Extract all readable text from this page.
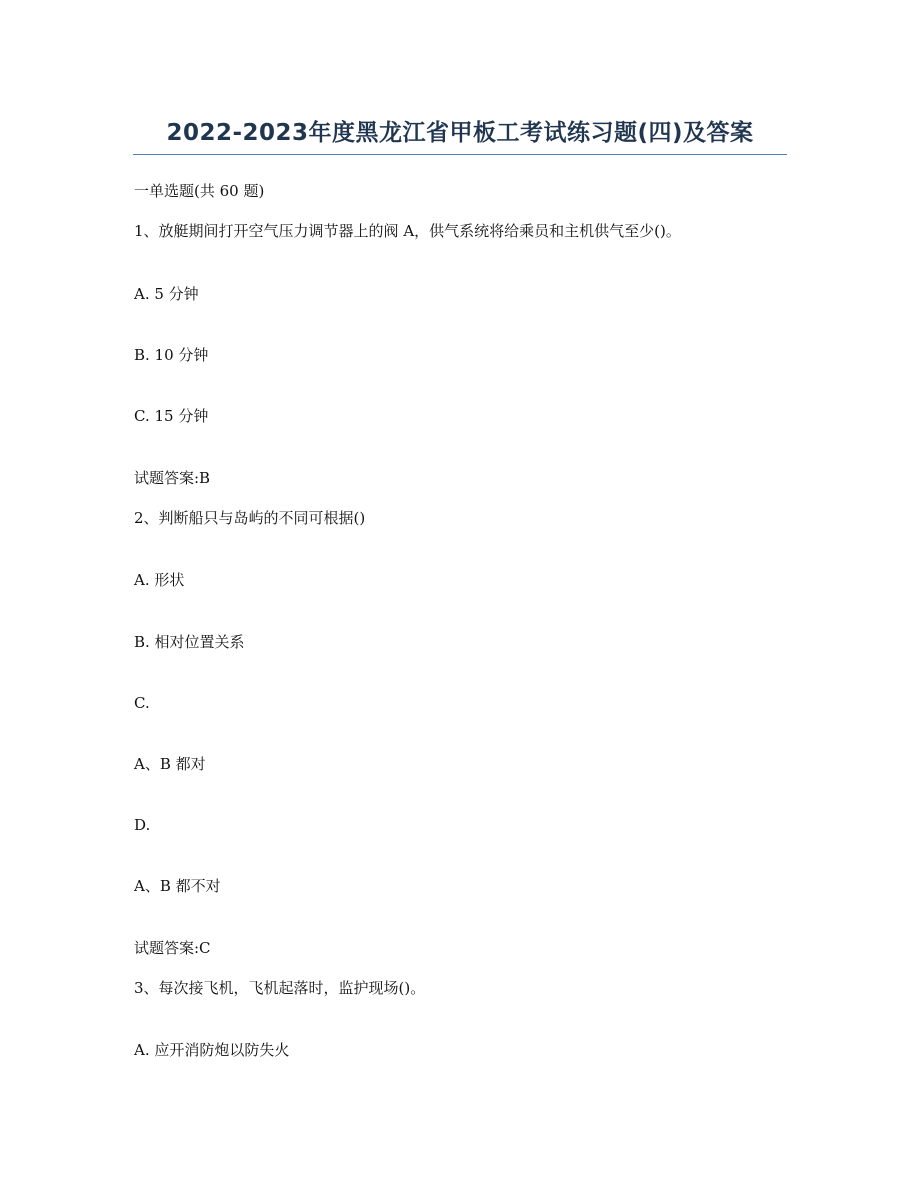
2022-2023年度黑龙江省甲板工考试练习题(四)及答案
一单选题(共 60 题)
1、放艇期间打开空气压力调节器上的阀 A，供气系统将给乘员和主机供气至少()。
A. 5 分钟
B. 10 分钟
C. 15 分钟
试题答案:B
2、判断船只与岛屿的不同可根据()
A. 形状
B. 相对位置关系
C.
A、B 都对
D.
A、B 都不对
试题答案:C
3、每次接飞机，飞机起落时，监护现场()。
A. 应开消防炮以防失火
